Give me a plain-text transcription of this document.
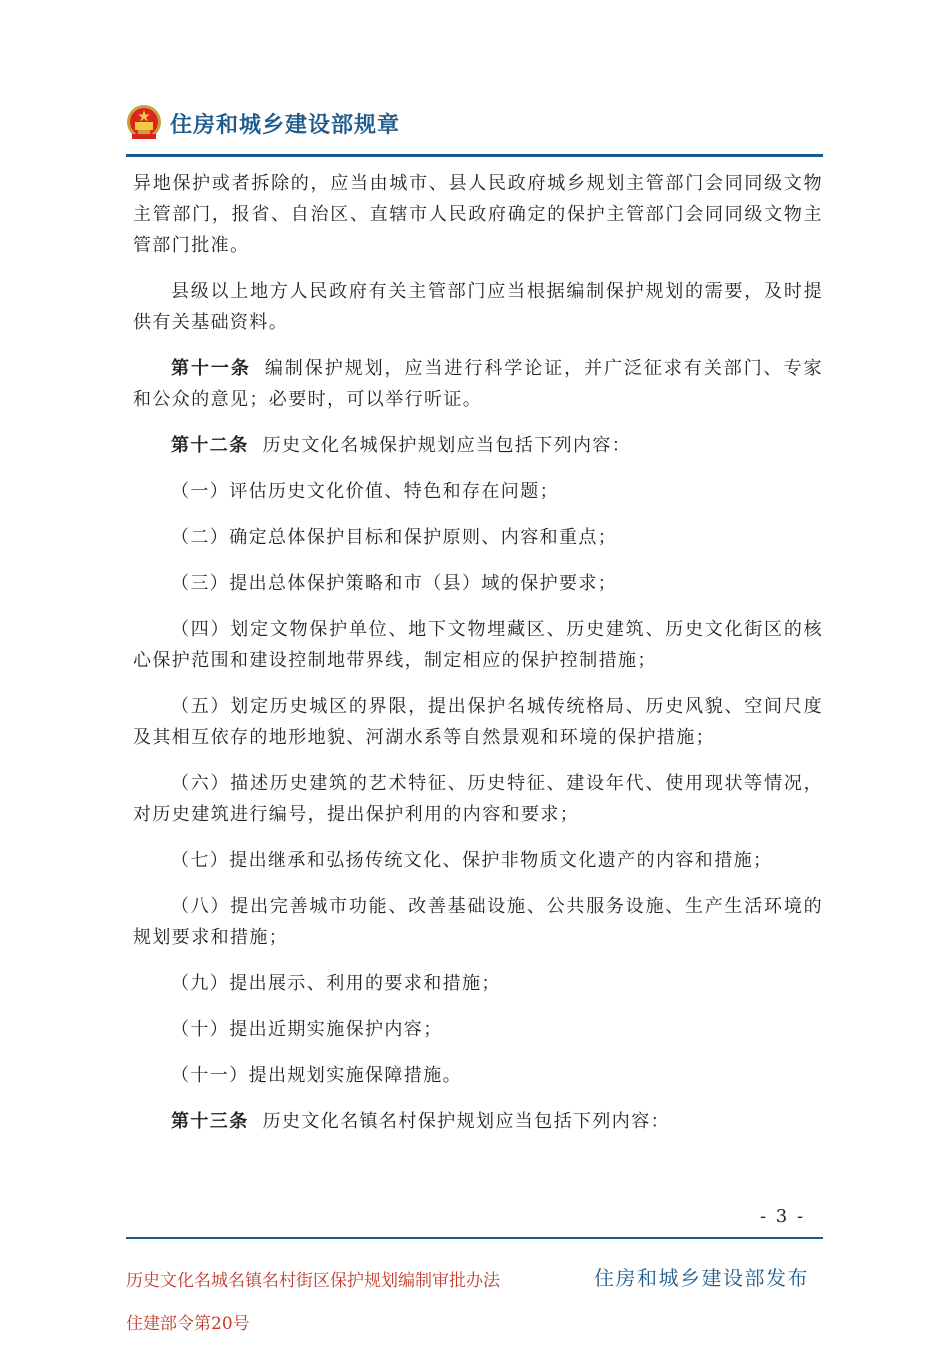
住房和城乡建设部规章

异地保护或者拆除的，应当由城市、县人民政府城乡规划主管部门会同同级文物主管部门，报省、自治区、直辖市人民政府确定的保护主管部门会同同级文物主管部门批准。

县级以上地方人民政府有关主管部门应当根据编制保护规划的需要，及时提供有关基础资料。

第十一条 编制保护规划，应当进行科学论证，并广泛征求有关部门、专家和公众的意见；必要时，可以举行听证。

第十二条 历史文化名城保护规划应当包括下列内容：

（一）评估历史文化价值、特色和存在问题；

（二）确定总体保护目标和保护原则、内容和重点；

（三）提出总体保护策略和市（县）域的保护要求；

（四）划定文物保护单位、地下文物埋藏区、历史建筑、历史文化街区的核心保护范围和建设控制地带界线，制定相应的保护控制措施；

（五）划定历史城区的界限，提出保护名城传统格局、历史风貌、空间尺度及其相互依存的地形地貌、河湖水系等自然景观和环境的保护措施；

（六）描述历史建筑的艺术特征、历史特征、建设年代、使用现状等情况，对历史建筑进行编号，提出保护利用的内容和要求；

（七）提出继承和弘扬传统文化、保护非物质文化遗产的内容和措施；

（八）提出完善城市功能、改善基础设施、公共服务设施、生产生活环境的规划要求和措施；

（九）提出展示、利用的要求和措施；

（十）提出近期实施保护内容；

（十一）提出规划实施保障措施。

第十三条 历史文化名镇名村保护规划应当包括下列内容：

- 3 -
历史文化名城名镇名村街区保护规划编制审批办法
住建部令第20号
住房和城乡建设部发布
